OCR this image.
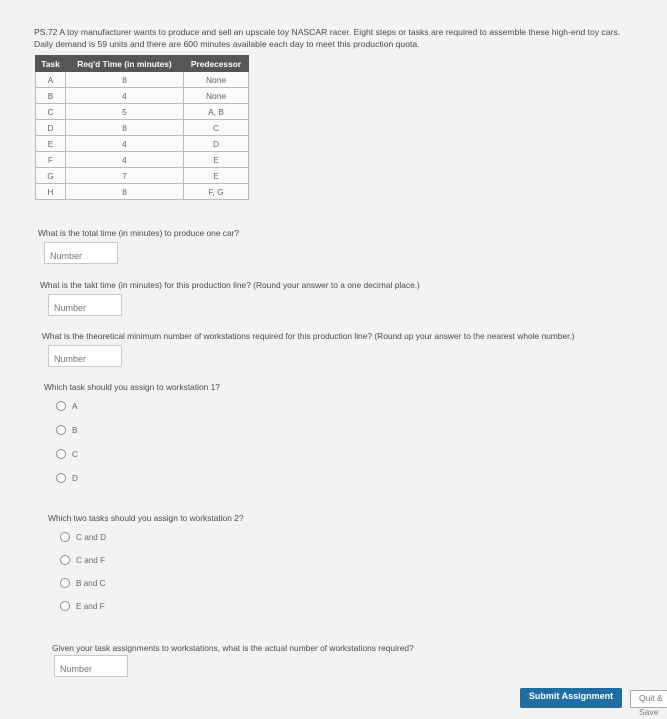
PS.72 A toy manufacturer wants to produce and sell an upscale toy NASCAR racer. Eight steps or tasks are required to assemble these high-end toy cars.
Daily demand is 59 units and there are 600 minutes available each day to meet this production quota.
Task	Req'd Time (in minutes)	Predecessor
A	8	None
B	4	None
C	5	A, B
D	8	C
E	4	D
F	4	E
G	7	E
H	8	F, G
What is the total time (in minutes) to produce one car?
Number
What is the takt time (in minutes) for this production line? (Round your answer to a one decimal place.)
Number
What is the theoretical minimum number of workstations required for this production line? (Round up your answer to the nearest whole number.)
Number
Which task should you assign to workstation 1?
A
B
C
D
Which two tasks should you assign to workstation 2?
C and D
C and F
B and C
E and F
Given your task assignments to workstations, what is the actual number of workstations required?
Number
Submit Assignment	Quit & Save
